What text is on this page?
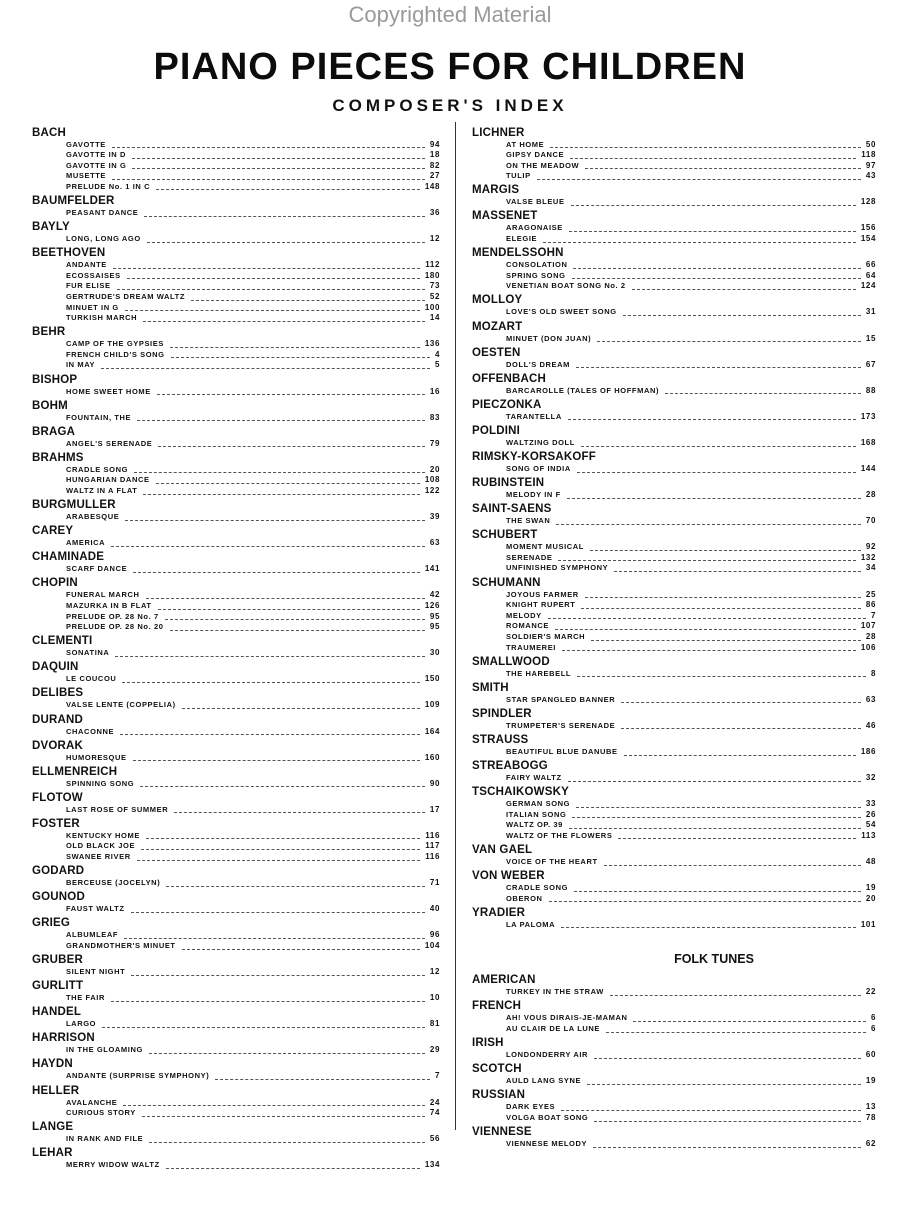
Copyrighted Material
PIANO PIECES FOR CHILDREN
COMPOSER'S INDEX
BACH
GAVOTTE	94
GAVOTTE IN D	18
GAVOTTE IN G	82
MUSETTE	27
PRELUDE No. 1 IN C	148
BAUMFELDER
PEASANT DANCE	36
BAYLY
LONG, LONG AGO	12
BEETHOVEN
ANDANTE	112
ECOSSAISES	180
FUR ELISE	73
GERTRUDE'S DREAM WALTZ	52
MINUET IN G	100
TURKISH MARCH	14
BEHR
CAMP OF THE GYPSIES	136
FRENCH CHILD'S SONG	4
IN MAY	5
BISHOP
HOME SWEET HOME	16
BOHM
FOUNTAIN, THE	83
BRAGA
ANGEL'S SERENADE	79
BRAHMS
CRADLE SONG	20
HUNGARIAN DANCE	108
WALTZ IN A FLAT	122
BURGMULLER
ARABESQUE	39
CAREY
AMERICA	63
CHAMINADE
SCARF DANCE	141
CHOPIN
FUNERAL MARCH	42
MAZURKA IN B FLAT	126
PRELUDE OP. 28 No. 7	95
PRELUDE OP. 28 No. 20	95
CLEMENTI
SONATINA	30
DAQUIN
LE COUCOU	150
DELIBES
VALSE LENTE (COPPELIA)	109
DURAND
CHACONNE	164
DVORAK
HUMORESQUE	160
ELLMENREICH
SPINNING SONG	90
FLOTOW
LAST ROSE OF SUMMER	17
FOSTER
KENTUCKY HOME	116
OLD BLACK JOE	117
SWANEE RIVER	116
GODARD
BERCEUSE (JOCELYN)	71
GOUNOD
FAUST WALTZ	40
GRIEG
ALBUMLEAF	96
GRANDMOTHER'S MINUET	104
GRUBER
SILENT NIGHT	12
GURLITT
THE FAIR	10
HANDEL
LARGO	81
HARRISON
IN THE GLOAMING	29
HAYDN
ANDANTE (SURPRISE SYMPHONY)	7
HELLER
AVALANCHE	24
CURIOUS STORY	74
LANGE
IN RANK AND FILE	56
LEHAR
MERRY WIDOW WALTZ	134
LICHNER
AT HOME	50
GIPSY DANCE	118
ON THE MEADOW	97
TULIP	43
MARGIS
VALSE BLEUE	128
MASSENET
ARAGONAISE	156
ELEGIE	154
MENDELSSOHN
CONSOLATION	66
SPRING SONG	64
VENETIAN BOAT SONG No. 2	124
MOLLOY
LOVE'S OLD SWEET SONG	31
MOZART
MINUET (DON JUAN)	15
OESTEN
DOLL'S DREAM	67
OFFENBACH
BARCAROLLE (TALES OF HOFFMAN)	88
PIECZONKA
TARANTELLA	173
POLDINI
WALTZING DOLL	168
RIMSKY-KORSAKOFF
SONG OF INDIA	144
RUBINSTEIN
MELODY IN F	28
SAINT-SAENS
THE SWAN	70
SCHUBERT
MOMENT MUSICAL	92
SERENADE	132
UNFINISHED SYMPHONY	34
SCHUMANN
JOYOUS FARMER	25
KNIGHT RUPERT	86
MELODY	7
ROMANCE	107
SOLDIER'S MARCH	28
TRAUMEREI	106
SMALLWOOD
THE HAREBELL	8
SMITH
STAR SPANGLED BANNER	63
SPINDLER
TRUMPETER'S SERENADE	46
STRAUSS
BEAUTIFUL BLUE DANUBE	186
STREABOGG
FAIRY WALTZ	32
TSCHAIKOWSKY
GERMAN SONG	33
ITALIAN SONG	26
WALTZ OP. 39	54
WALTZ OF THE FLOWERS	113
VAN GAEL
VOICE OF THE HEART	48
VON WEBER
CRADLE SONG	19
OBERON	20
YRADIER
LA PALOMA	101
FOLK TUNES
AMERICAN
TURKEY IN THE STRAW	22
FRENCH
AH! VOUS DIRAIS-JE-MAMAN	6
AU CLAIR DE LA LUNE	6
IRISH
LONDONDERRY AIR	60
SCOTCH
AULD LANG SYNE	19
RUSSIAN
DARK EYES	13
VOLGA BOAT SONG	78
VIENNESE
VIENNESE MELODY	62
